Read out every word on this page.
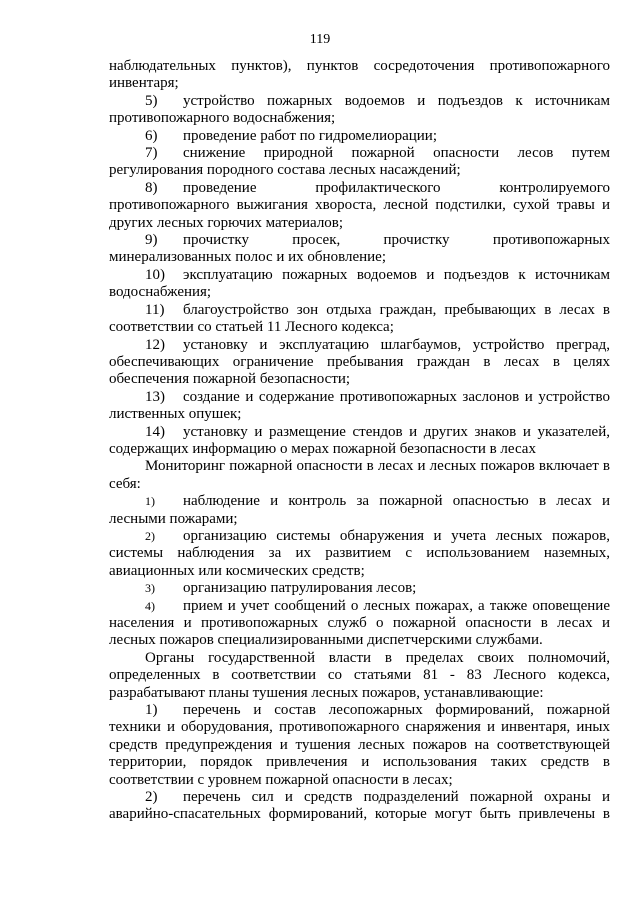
119

наблюдательных пунктов), пунктов сосредоточения противопожарного инвентаря;

5) устройство пожарных водоемов и подъездов к источникам противопожарного водоснабжения;

6) проведение работ по гидромелиорации;

7) снижение природной пожарной опасности лесов путем регулирования породного состава лесных насаждений;

8) проведение профилактического контролируемого противопожарного выжигания хвороста, лесной подстилки, сухой травы и других лесных горючих материалов;

9) прочистку просек, прочистку противопожарных минерализованных полос и их обновление;

10) эксплуатацию пожарных водоемов и подъездов к источникам водоснабжения;

11) благоустройство зон отдыха граждан, пребывающих в лесах в соответствии со статьей 11 Лесного кодекса;

12) установку и эксплуатацию шлагбаумов, устройство преград, обеспечивающих ограничение пребывания граждан в лесах в целях обеспечения пожарной безопасности;

13) создание и содержание противопожарных заслонов и устройство лиственных опушек;

14) установку и размещение стендов и других знаков и указателей, содержащих информацию о мерах пожарной безопасности в лесах

Мониторинг пожарной опасности в лесах и лесных пожаров включает в себя:

1) наблюдение и контроль за пожарной опасностью в лесах и лесными пожарами;

2) организацию системы обнаружения и учета лесных пожаров, системы наблюдения за их развитием с использованием наземных, авиационных или космических средств;

3) организацию патрулирования лесов;

4) прием и учет сообщений о лесных пожарах, а также оповещение населения и противопожарных служб о пожарной опасности в лесах и лесных пожаров специализированными диспетчерскими службами.

Органы государственной власти в пределах своих полномочий, определенных в соответствии со статьями 81 - 83 Лесного кодекса, разрабатывают планы тушения лесных пожаров, устанавливающие:

1) перечень и состав лесопожарных формирований, пожарной техники и оборудования, противопожарного снаряжения и инвентаря, иных средств предупреждения и тушения лесных пожаров на соответствующей территории, порядок привлечения и использования таких средств в соответствии с уровнем пожарной опасности в лесах;

2) перечень сил и средств подразделений пожарной охраны и аварийно-спасательных формирований, которые могут быть привлечены в
